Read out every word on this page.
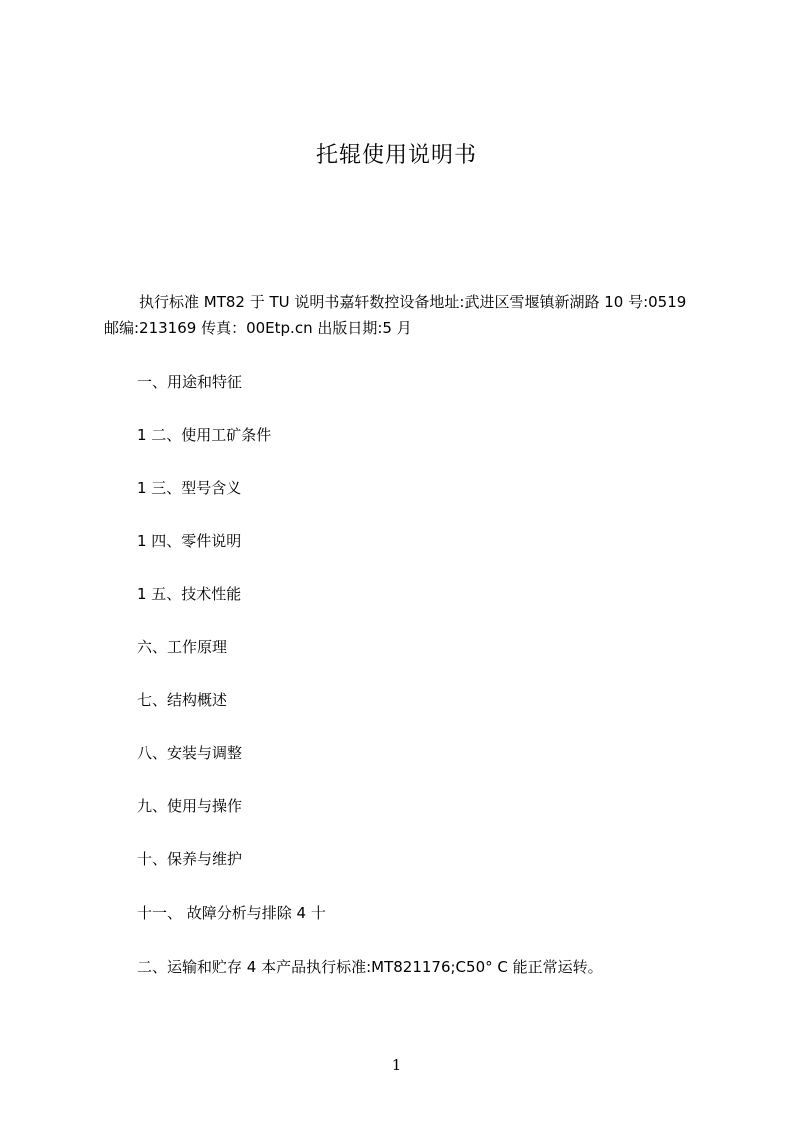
托辊使用说明书
执行标准 MT82 于 TU 说明书嘉轩数控设备地址:武进区雪堰镇新湖路 10 号:0519 邮编:213169 传真：00Etp.cn 出版日期:5 月
一、用途和特征
1 二、使用工矿条件
1 三、型号含义
1 四、零件说明
1 五、技术性能
六、工作原理
七、结构概述
八、安装与调整
九、使用与操作
十、保养与维护
十一、 故障分析与排除 4 十
二、运输和贮存 4 本产品执行标准:MT821176;C50° C 能正常运转。
1
